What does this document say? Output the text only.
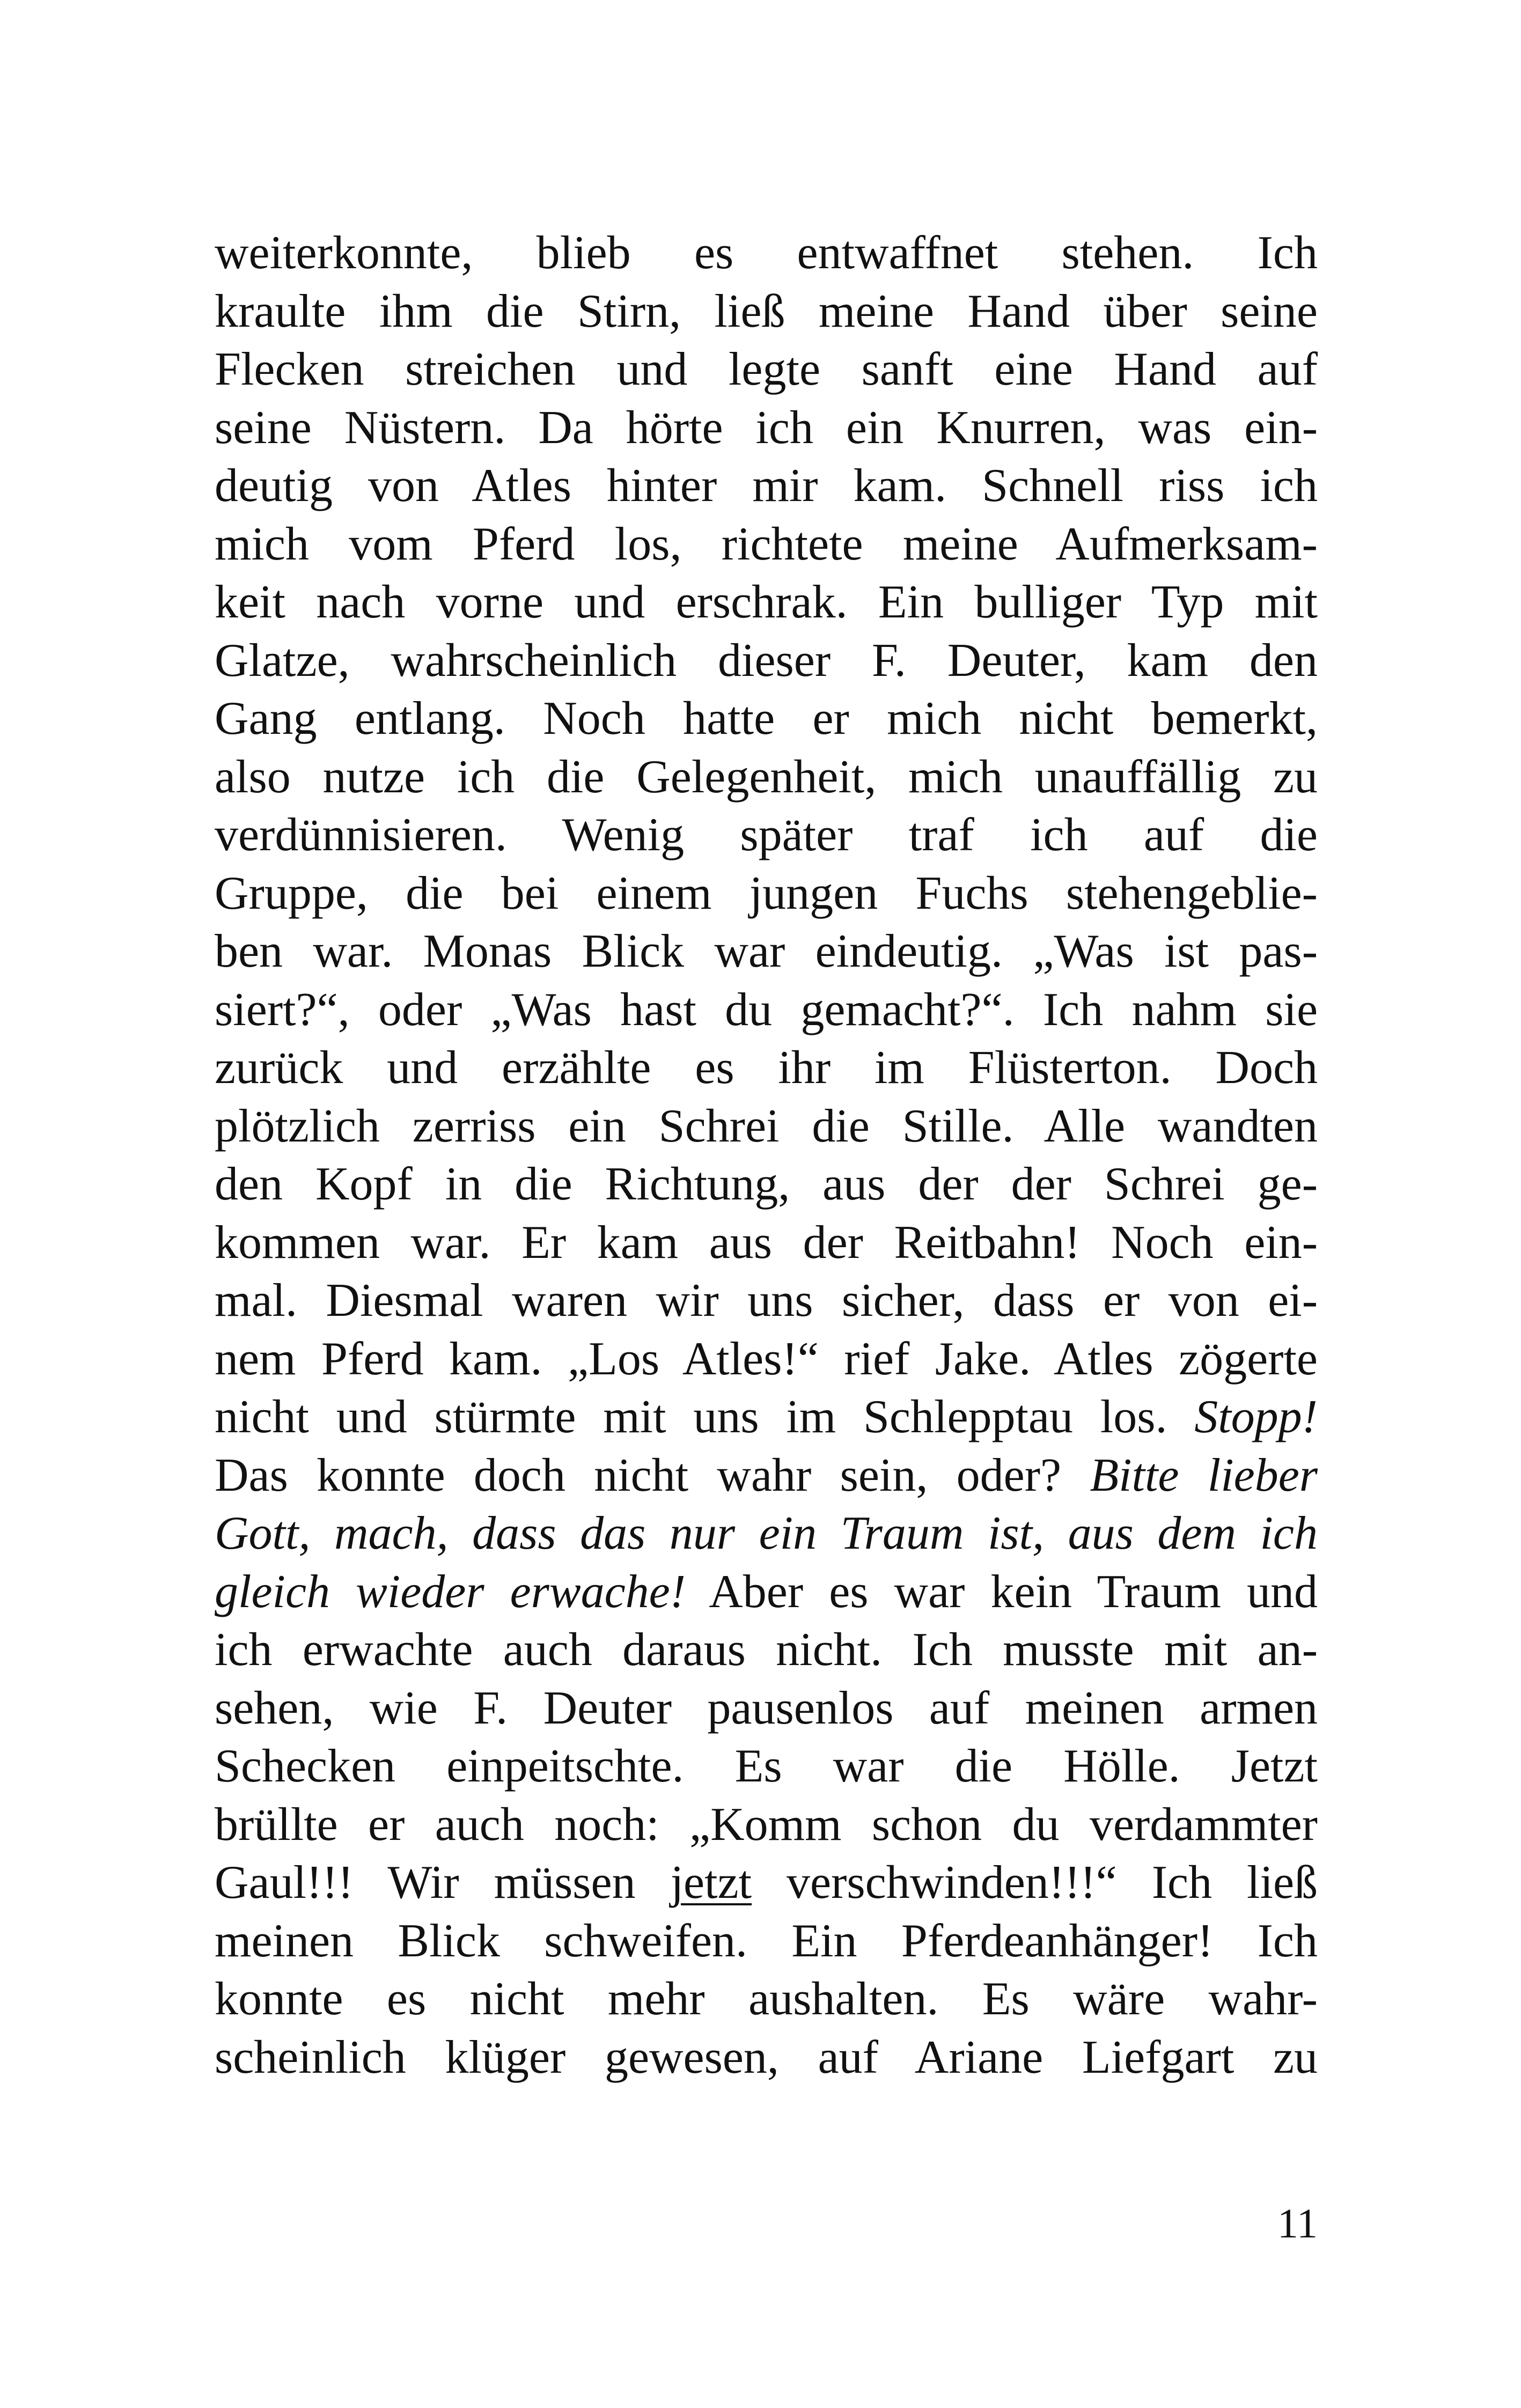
weiterkonnte, blieb es entwaffnet stehen. Ich
kraulte ihm die Stirn, ließ meine Hand über seine
Flecken streichen und legte sanft eine Hand auf
seine Nüstern. Da hörte ich ein Knurren, was ein-
deutig von Atles hinter mir kam. Schnell riss ich
mich vom Pferd los, richtete meine Aufmerksam-
keit nach vorne und erschrak. Ein bulliger Typ mit
Glatze, wahrscheinlich dieser F. Deuter, kam den
Gang entlang. Noch hatte er mich nicht bemerkt,
also nutze ich die Gelegenheit, mich unauffällig zu
verdünnisieren. Wenig später traf ich auf die
Gruppe, die bei einem jungen Fuchs stehengeblie-
ben war. Monas Blick war eindeutig. „Was ist pas-
siert?“, oder „Was hast du gemacht?“. Ich nahm sie
zurück und erzählte es ihr im Flüsterton. Doch
plötzlich zerriss ein Schrei die Stille. Alle wandten
den Kopf in die Richtung, aus der der Schrei ge-
kommen war. Er kam aus der Reitbahn! Noch ein-
mal. Diesmal waren wir uns sicher, dass er von ei-
nem Pferd kam. „Los Atles!“ rief Jake. Atles zögerte
nicht und stürmte mit uns im Schlepptau los. Stopp!
Das konnte doch nicht wahr sein, oder? Bitte lieber
Gott, mach, dass das nur ein Traum ist, aus dem ich
gleich wieder erwache! Aber es war kein Traum und
ich erwachte auch daraus nicht. Ich musste mit an-
sehen, wie F. Deuter pausenlos auf meinen armen
Schecken einpeitschte. Es war die Hölle. Jetzt
brüllte er auch noch: „Komm schon du verdammter
Gaul!!! Wir müssen jetzt verschwinden!!!“ Ich ließ
meinen Blick schweifen. Ein Pferdeanhänger! Ich
konnte es nicht mehr aushalten. Es wäre wahr-
scheinlich klüger gewesen, auf Ariane Liefgart zu
11
